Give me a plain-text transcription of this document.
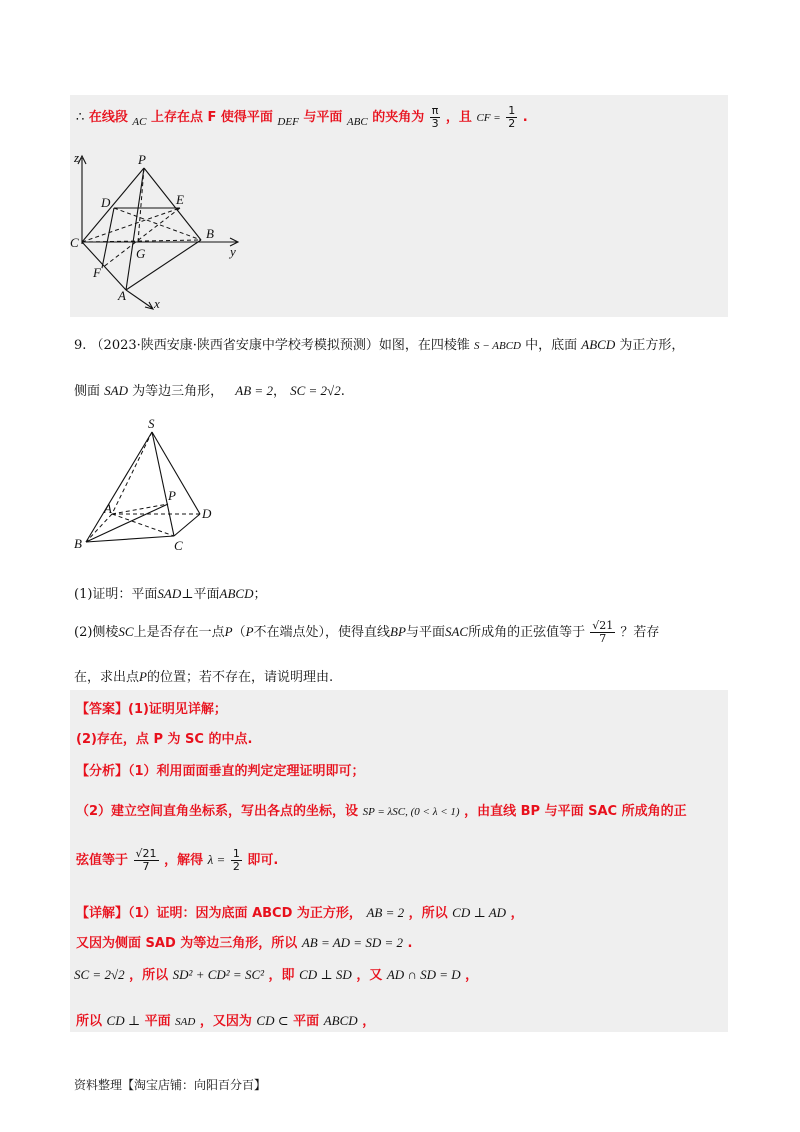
∴ 在线段 $_{AC}$ 上存在点 F 使得平面 $_{DEF}$ 与平面 $_{ABC}$ 的夹角为 $\frac{\pi}{3}$ ，且 CF = $\frac{1}{2}$ .
z	P
D	E
C
G
B
y
F
A
x
9. （2023·陕西安康·陕西省安康中学校考模拟预测）如图，在四棱锥 S − ABCD 中，底面 ABCD 为正方形，
侧面 SAD 为等边三角形， AB = 2， SC = 2√2.
S
P
A	D
B	C
(1)证明：平面SAD⊥平面ABCD；
(2)侧棱SC上是否存在一点P（P不在端点处），使得直线BP与平面SAC所成角的正弦值等于 $\frac{√21}{7}$ ？若存
在，求出点P的位置；若不存在，请说明理由.
【答案】(1)证明见详解；
(2)存在，点 P 为 SC 的中点.
【分析】（1）利用面面垂直的判定定理证明即可；
（2）建立空间直角坐标系，写出各点的坐标，设 SP = λSC, (0 < λ < 1) ，由直线 BP 与平面 SAC 所成角的正
弦值等于 $\frac{√21}{7}$ ，解得 $\lambda = \frac{1}{2}$ 即可.
【详解】（1）证明：因为底面 ABCD 为正方形， AB = 2 ，所以 CD ⊥ AD ，
又因为侧面 SAD 为等边三角形，所以 AB = AD = SD = 2 .
SC = 2√2 ，所以 SD² + CD² = SC² ，即 CD ⊥ SD ，又 AD ∩ SD = D ，
所以 CD ⊥ 平面 SAD ，又因为 CD ⊂ 平面 ABCD ，
资料整理【淘宝店铺：向阳百分百】
